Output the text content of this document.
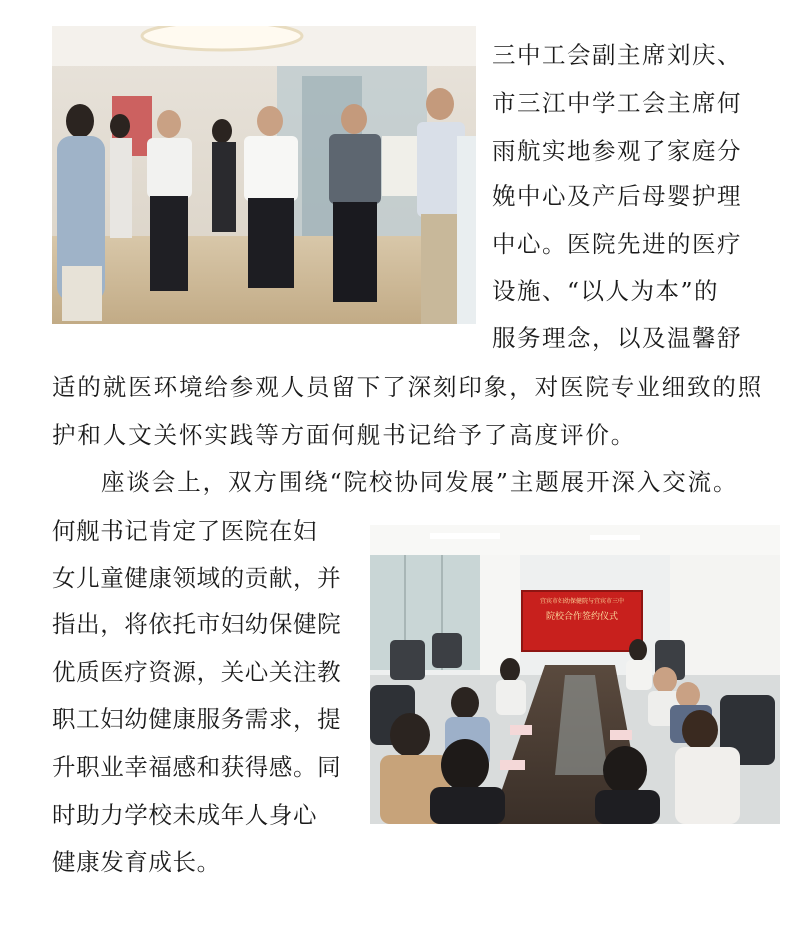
三中工会副主席刘庆、
市三江中学工会主席何
雨航实地参观了家庭分
娩中心及产后母婴护理
中心。医院先进的医疗
设施、“以人为本”的
服务理念，以及温馨舒
适的就医环境给参观人员留下了深刻印象，对医院专业细致的照
护和人文关怀实践等方面何舰书记给予了高度评价。
座谈会上，双方围绕“院校协同发展”主题展开深入交流。
何舰书记肯定了医院在妇
女儿童健康领域的贡献，并
指出，将依托市妇幼保健院
优质医疗资源，关心关注教
职工妇幼健康服务需求，提
升职业幸福感和获得感。同
时助力学校未成年人身心
健康发育成长。
宜宾市妇幼保健院与宜宾市三中
院校合作签约仪式
